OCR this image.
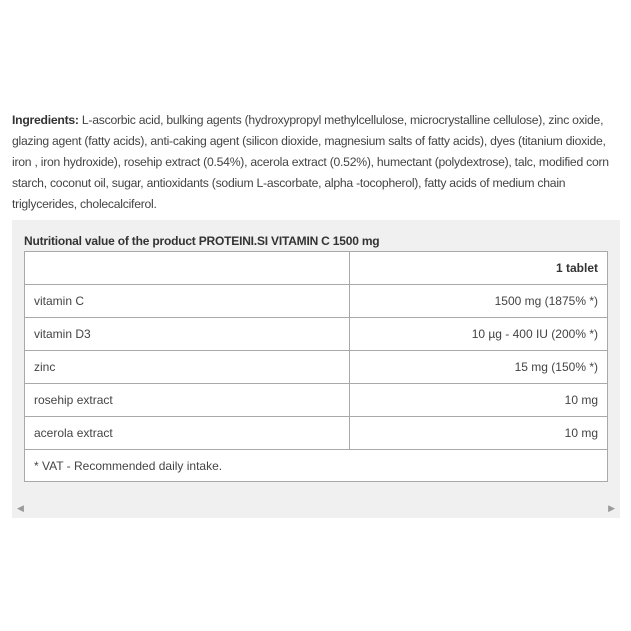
Ingredients: L-ascorbic acid, bulking agents (hydroxypropyl methylcellulose, microcrystalline cellulose), zinc oxide, glazing agent (fatty acids), anti-caking agent (silicon dioxide, magnesium salts of fatty acids), dyes (titanium dioxide, iron , iron hydroxide), rosehip extract (0.54%), acerola extract (0.52%), humectant (polydextrose), talc, modified corn starch, coconut oil, sugar, antioxidants (sodium L-ascorbate, alpha -tocopherol), fatty acids of medium chain triglycerides, cholecalciferol.
Nutritional value of the product PROTEINI.SI VITAMIN C 1500 mg
	1 tablet
vitamin C	1500 mg (1875% *)
vitamin D3	10 µg - 400 IU (200% *)
zinc	15 mg (150% *)
rosehip extract	10 mg
acerola extract	10 mg
* VAT - Recommended daily intake.	
◀	▶
